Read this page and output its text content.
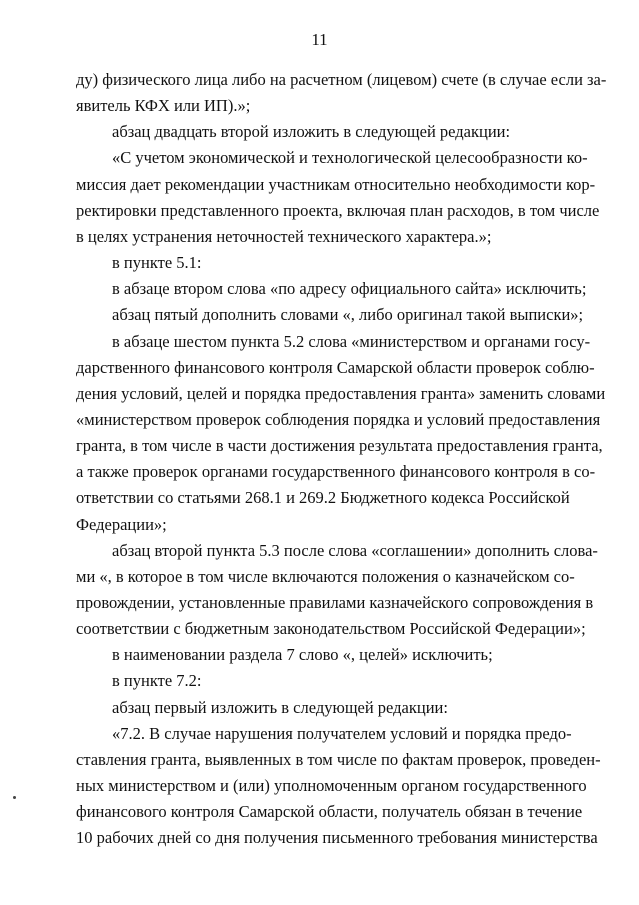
11
ду) физического лица либо на расчетном (лицевом) счете (в случае если за-
явитель КФХ или ИП).»;
абзац двадцать второй изложить в следующей редакции:
«С учетом экономической и технологической целесообразности ко-
миссия дает рекомендации участникам относительно необходимости кор-
ректировки представленного проекта, включая план расходов, в том числе
в целях устранения неточностей технического характера.»;
в пункте 5.1:
в абзаце втором слова «по адресу официального сайта» исключить;
абзац пятый дополнить словами «, либо оригинал такой выписки»;
в абзаце шестом пункта 5.2 слова «министерством и органами госу-
дарственного финансового контроля Самарской области проверок соблю-
дения условий, целей и порядка предоставления гранта» заменить словами
«министерством проверок соблюдения порядка и условий предоставления
гранта, в том числе в части достижения результата предоставления гранта,
а также проверок органами государственного финансового контроля в со-
ответствии со статьями 268.1 и 269.2 Бюджетного кодекса Российской
Федерации»;
абзац второй пункта 5.3 после слова «соглашении» дополнить слова-
ми «, в которое в том числе включаются положения о казначейском со-
провождении, установленные правилами казначейского сопровождения в
соответствии с бюджетным законодательством Российской Федерации»;
в наименовании раздела 7 слово «, целей» исключить;
в пункте 7.2:
абзац первый изложить в следующей редакции:
«7.2. В случае нарушения получателем условий и порядка предо-
ставления гранта, выявленных в том числе по фактам проверок, проведен-
ных министерством и (или) уполномоченным органом государственного
финансового контроля Самарской области, получатель обязан в течение
10 рабочих дней со дня получения письменного требования министерства
